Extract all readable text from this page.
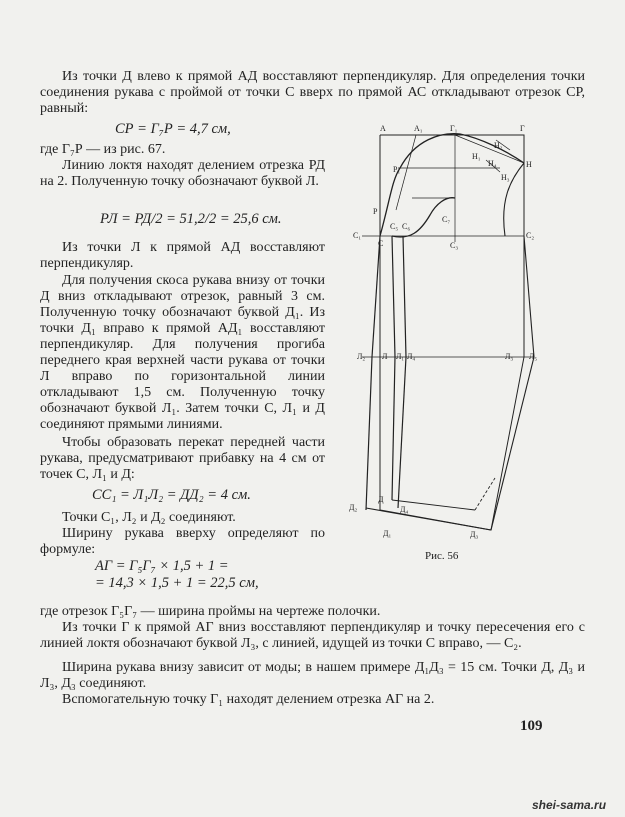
Из точки Д влево к прямой АД восставляют перпендикуляр. Для определения точки соединения рукава с проймой от точки С вверх по прямой АС откладывают отрезок СР, равный:

СР = Г₇Р = 4,7 см,

где Г₇Р — из рис. 67.

Линию локтя находят делением отрезка РД на 2. Полученную точку обозначают буквой Л.

РЛ = РД/2 = 51,2/2 = 25,6 см.

Из точки Л к прямой АД восставляют перпендикуляр.

Для получения скоса рукава внизу от точки Д вниз откладывают отрезок, равный 3 см. Полученную точку обозначают буквой Д₁. Из точки Д₁ вправо к прямой АД₁ восставляют перпендикуляр. Для получения прогиба переднего края верхней части рукава от точки Л вправо по горизонтальной линии откладывают 1,5 см. Полученную точку обозначают буквой Л₁. Затем точки С, Л₁ и Д соединяют прямыми линиями.

Чтобы образовать перекат передней части рукава, предусматривают прибавку на 4 см от точек С, Л₁ и Д:

СС₁ = Л₁Л₂ = ДД₂ = 4 см.

Точки С₁, Л₂ и Д₂ соединяют.

Ширину рукава вверху определяют по формуле:

АГ = Г₅Г₇ × 1,5 + 1 =
= 14,3 × 1,5 + 1 = 22,5 см,

где отрезок Г₅Г₇ — ширина проймы на чертеже полочки.

Из точки Г к прямой АГ вниз восставляют перпендикуляр и точку пересечения его с линией локтя обозначают буквой Л₃, с линией, идущей из точки С вправо, — С₂.

Ширина рукава внизу зависит от моды; в нашем примере Д₁Д₃ = 15 см. Точки Д, Д₃ и Л₃, Д₃ соединяют.

Вспомогательную точку Г₁ находят делением отрезка АГ на 2.

А	А₁	Г₁	Г
Н₁
Н₂
Н
Н₃
Н₄
Р₁
Р
С₁
С
С₅ С₆
С₇
С₃
С₂
Л₂ Л Л₁ Л₄	Л₃ Л₅
Д₂
Д
Д₄
Д₁	Д₃
Рис. 56
109
shei-sama.ru
